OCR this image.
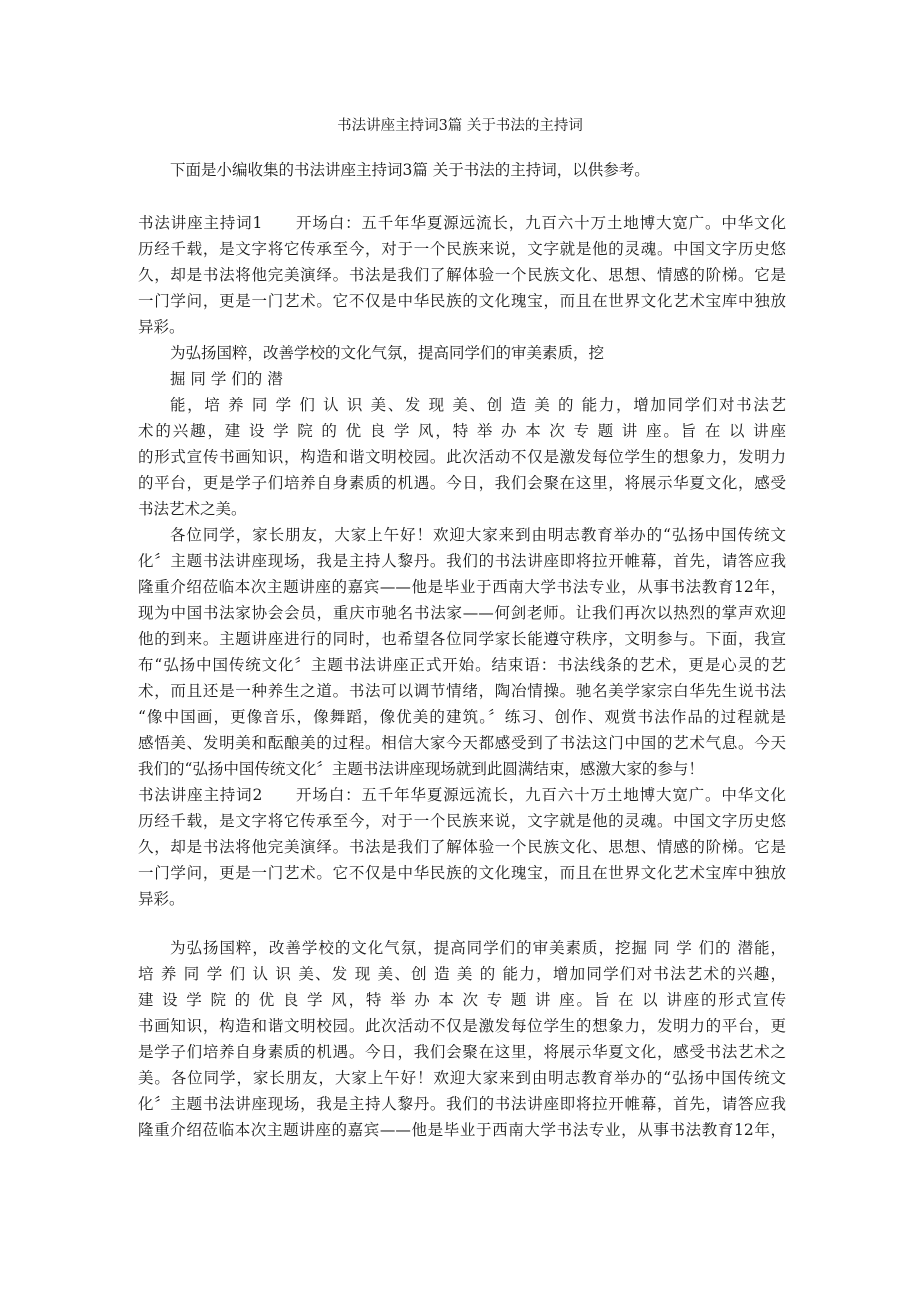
书法讲座主持词3篇 关于书法的主持词
下面是小编收集的书法讲座主持词3篇 关于书法的主持词，以供参考。
书法讲座主持词1　　开场白：五千年华夏源远流长，九百六十万土地博大宽广。中华文化
历经千载，是文字将它传承至今，对于一个民族来说，文字就是他的灵魂。中国文字历史悠
久，却是书法将他完美演绎。书法是我们了解体验一个民族文化、思想、情感的阶梯。它是
一门学问，更是一门艺术。它不仅是中华民族的文化瑰宝，而且在世界文化艺术宝库中独放
异彩。
为弘扬国粹，改善学校的文化气氛，提高同学们的审美素质，挖
掘 同 学 们的 潜
能，培 养 同 学 们 认 识 美、发 现 美、创 造 美 的 能力，增加同学们对书法艺
术的兴趣，建 设 学 院 的 优 良 学 风，特 举 办 本 次 专 题 讲 座。旨 在 以 讲座
的形式宣传书画知识，构造和谐文明校园。此次活动不仅是激发每位学生的想象力，发明力
的平台，更是学子们培养自身素质的机遇。今日，我们会聚在这里，将展示华夏文化，感受
书法艺术之美。
各位同学，家长朋友，大家上午好！欢迎大家来到由明志教育举办的“弘扬中国传统文
化〞主题书法讲座现场，我是主持人黎丹。我们的书法讲座即将拉开帷幕，首先，请答应我
隆重介绍莅临本次主题讲座的嘉宾——他是毕业于西南大学书法专业，从事书法教育12年，
现为中国书法家协会会员，重庆市驰名书法家——何剑老师。让我们再次以热烈的掌声欢迎
他的到来。主题讲座进行的同时，也希望各位同学家长能遵守秩序，文明参与。下面，我宣
布“弘扬中国传统文化〞主题书法讲座正式开始。结束语：书法线条的艺术，更是心灵的艺
术，而且还是一种养生之道。书法可以调节情绪，陶冶情操。驰名美学家宗白华先生说书法
“像中国画，更像音乐，像舞蹈，像优美的建筑。〞练习、创作、观赏书法作品的过程就是
感悟美、发明美和酝酿美的过程。相信大家今天都感受到了书法这门中国的艺术气息。今天
我们的“弘扬中国传统文化〞主题书法讲座现场就到此圆满结束，感激大家的参与！
书法讲座主持词2　　开场白：五千年华夏源远流长，九百六十万土地博大宽广。中华文化
历经千载，是文字将它传承至今，对于一个民族来说，文字就是他的灵魂。中国文字历史悠
久，却是书法将他完美演绎。书法是我们了解体验一个民族文化、思想、情感的阶梯。它是
一门学问，更是一门艺术。它不仅是中华民族的文化瑰宝，而且在世界文化艺术宝库中独放
异彩。
为弘扬国粹，改善学校的文化气氛，提高同学们的审美素质，挖掘 同 学 们的 潜能，
培 养 同 学 们 认 识 美、发 现 美、创 造 美 的 能力，增加同学们对书法艺术的兴趣，
建 设 学 院 的 优 良 学 风，特 举 办 本 次 专 题 讲 座。旨 在 以 讲座的形式宣传
书画知识，构造和谐文明校园。此次活动不仅是激发每位学生的想象力，发明力的平台，更
是学子们培养自身素质的机遇。今日，我们会聚在这里，将展示华夏文化，感受书法艺术之
美。各位同学，家长朋友，大家上午好！欢迎大家来到由明志教育举办的“弘扬中国传统文
化〞主题书法讲座现场，我是主持人黎丹。我们的书法讲座即将拉开帷幕，首先，请答应我
隆重介绍莅临本次主题讲座的嘉宾——他是毕业于西南大学书法专业，从事书法教育12年，
